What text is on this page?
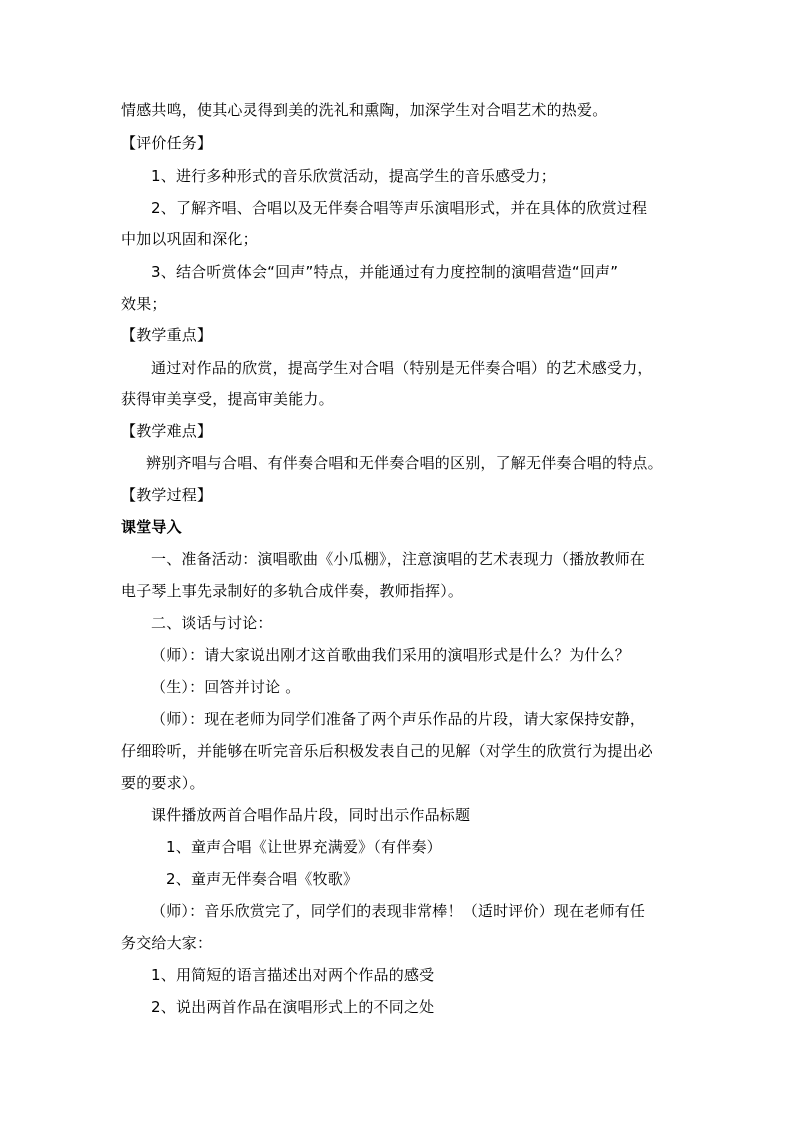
情感共鸣，使其心灵得到美的洗礼和熏陶，加深学生对合唱艺术的热爱。
【评价任务】
1、进行多种形式的音乐欣赏活动，提高学生的音乐感受力；
2、了解齐唱、合唱以及无伴奏合唱等声乐演唱形式，并在具体的欣赏过程
中加以巩固和深化；
3、结合听赏体会“回声”特点，并能通过有力度控制的演唱营造“回声”
效果；
【教学重点】
通过对作品的欣赏，提高学生对合唱（特别是无伴奏合唱）的艺术感受力，
获得审美享受，提高审美能力。
【教学难点】
辨别齐唱与合唱、有伴奏合唱和无伴奏合唱的区别，了解无伴奏合唱的特点。
【教学过程】
课堂导入
一、准备活动：演唱歌曲《小瓜棚》，注意演唱的艺术表现力（播放教师在
电子琴上事先录制好的多轨合成伴奏，教师指挥）。
二、谈话与讨论：
（师）：请大家说出刚才这首歌曲我们采用的演唱形式是什么？为什么？
（生）：回答并讨论 。
（师）：现在老师为同学们准备了两个声乐作品的片段，请大家保持安静，
仔细聆听，并能够在听完音乐后积极发表自己的见解（对学生的欣赏行为提出必
要的要求）。
课件播放两首合唱作品片段，同时出示作品标题
1、童声合唱《让世界充满爱》（有伴奏）
2、童声无伴奏合唱《牧歌》
（师）：音乐欣赏完了，同学们的表现非常棒！（适时评价）现在老师有任
务交给大家：
1、用简短的语言描述出对两个作品的感受
2、说出两首作品在演唱形式上的不同之处
